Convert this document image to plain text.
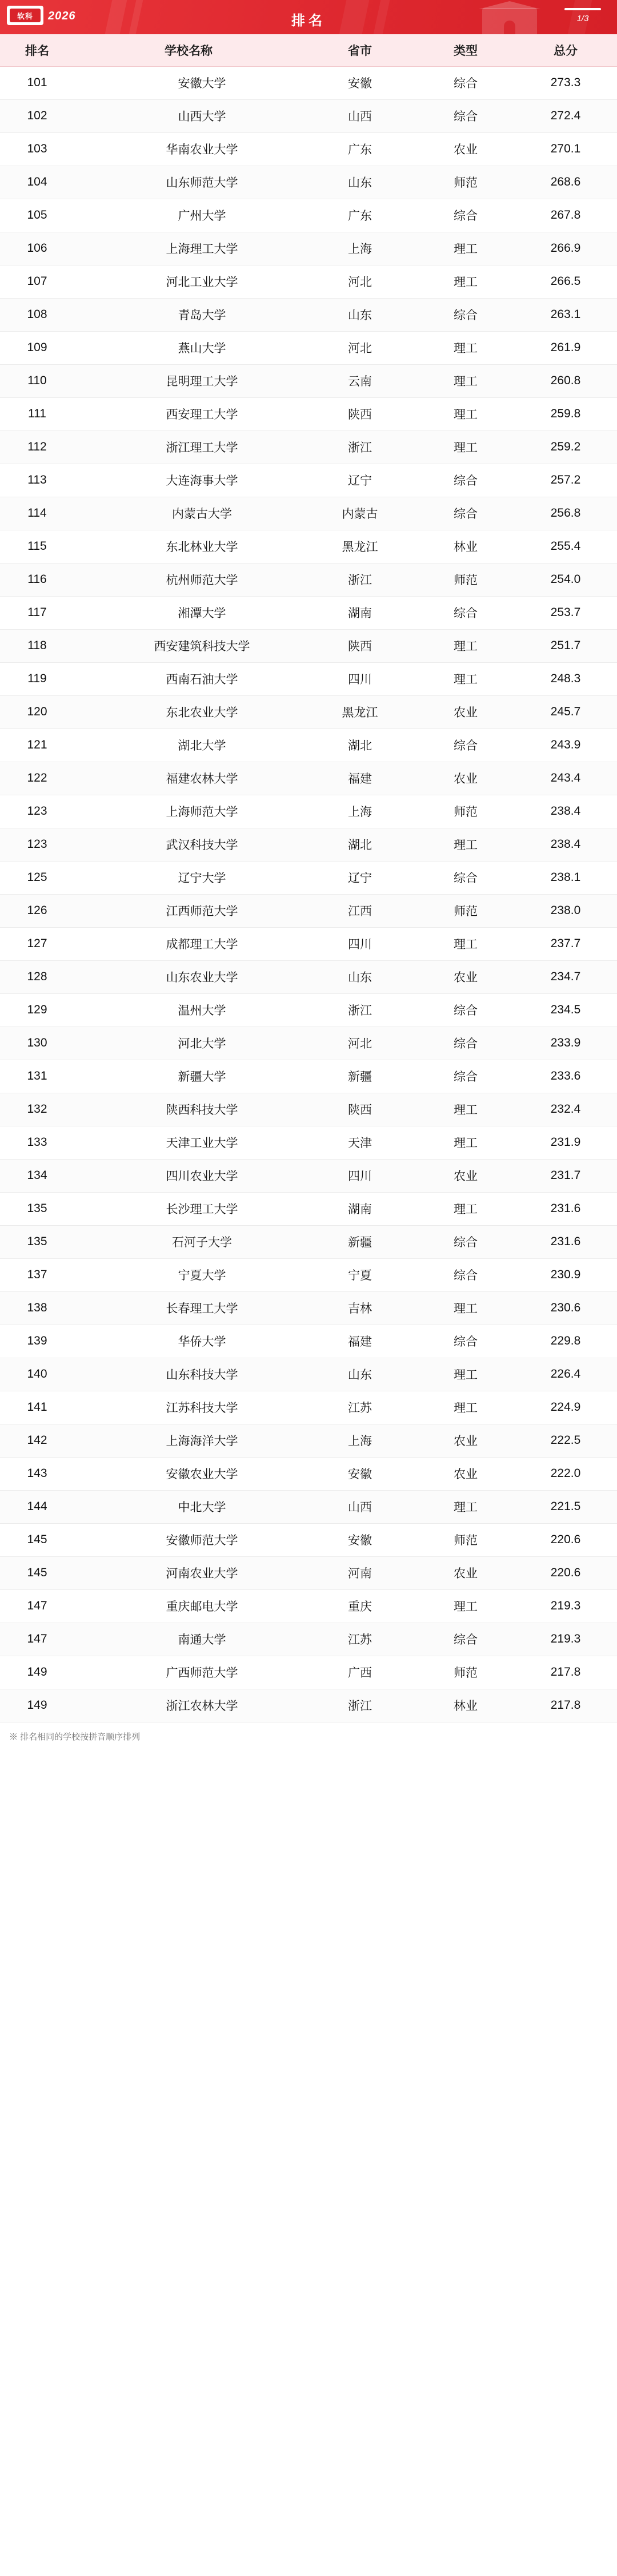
软科	2026	排名	1/3
排名	学校名称	省市	类型	总分
101	安徽大学	安徽	综合	273.3
102	山西大学	山西	综合	272.4
103	华南农业大学	广东	农业	270.1
104	山东师范大学	山东	师范	268.6
105	广州大学	广东	综合	267.8
106	上海理工大学	上海	理工	266.9
107	河北工业大学	河北	理工	266.5
108	青岛大学	山东	综合	263.1
109	燕山大学	河北	理工	261.9
110	昆明理工大学	云南	理工	260.8
111	西安理工大学	陕西	理工	259.8
112	浙江理工大学	浙江	理工	259.2
113	大连海事大学	辽宁	综合	257.2
114	内蒙古大学	内蒙古	综合	256.8
115	东北林业大学	黑龙江	林业	255.4
116	杭州师范大学	浙江	师范	254.0
117	湘潭大学	湖南	综合	253.7
118	西安建筑科技大学	陕西	理工	251.7
119	西南石油大学	四川	理工	248.3
120	东北农业大学	黑龙江	农业	245.7
121	湖北大学	湖北	综合	243.9
122	福建农林大学	福建	农业	243.4
123	上海师范大学	上海	师范	238.4
123	武汉科技大学	湖北	理工	238.4
125	辽宁大学	辽宁	综合	238.1
126	江西师范大学	江西	师范	238.0
127	成都理工大学	四川	理工	237.7
128	山东农业大学	山东	农业	234.7
129	温州大学	浙江	综合	234.5
130	河北大学	河北	综合	233.9
131	新疆大学	新疆	综合	233.6
132	陕西科技大学	陕西	理工	232.4
133	天津工业大学	天津	理工	231.9
134	四川农业大学	四川	农业	231.7
135	长沙理工大学	湖南	理工	231.6
135	石河子大学	新疆	综合	231.6
137	宁夏大学	宁夏	综合	230.9
138	长春理工大学	吉林	理工	230.6
139	华侨大学	福建	综合	229.8
140	山东科技大学	山东	理工	226.4
141	江苏科技大学	江苏	理工	224.9
142	上海海洋大学	上海	农业	222.5
143	安徽农业大学	安徽	农业	222.0
144	中北大学	山西	理工	221.5
145	安徽师范大学	安徽	师范	220.6
145	河南农业大学	河南	农业	220.6
147	重庆邮电大学	重庆	理工	219.3
147	南通大学	江苏	综合	219.3
149	广西师范大学	广西	师范	217.8
149	浙江农林大学	浙江	林业	217.8
※ 排名相同的学校按拼音顺序排列
